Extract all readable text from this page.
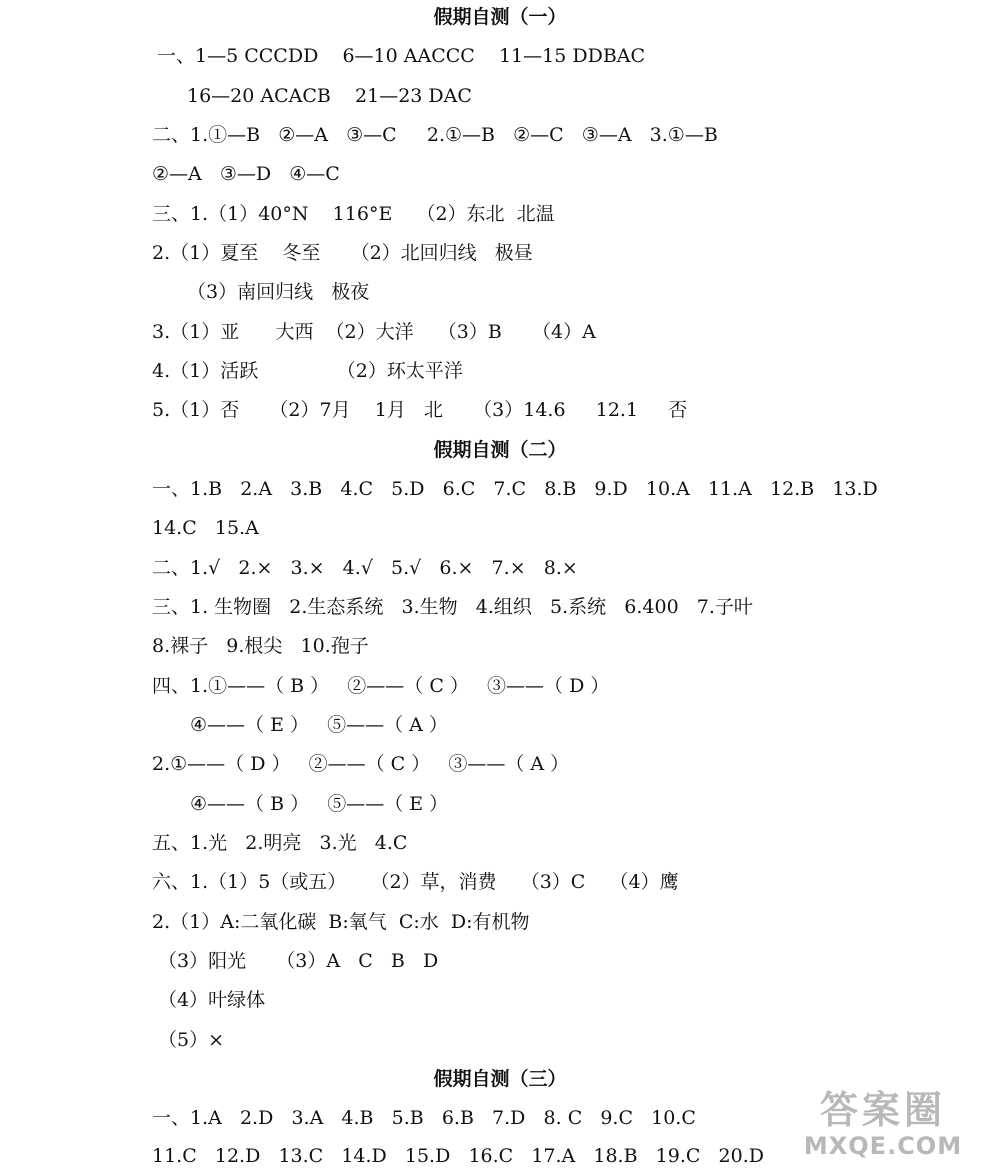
假期自测（一）
一、1—5 CCCDD    6—10 AACCC    11—15 DDBAC
16—20 ACACB    21—23 DAC
二、1.①—B   ②—A   ③—C     2.①—B   ②—C   ③—A   3.①—B
②—A   ③—D   ④—C
三、1.（1）40°N    116°E    （2）东北  北温
2.（1）夏至    冬至     （2）北回归线   极昼
（3）南回归线   极夜
3.（1）亚      大西  （2）大洋    （3）B     （4）A
4.（1）活跃             （2）环太平洋
5.（1）否     （2）7月    1月   北     （3）14.6     12.1     否
假期自测（二）
一、1.B   2.A   3.B   4.C   5.D   6.C   7.C   8.B   9.D   10.A   11.A   12.B   13.D
14.C   15.A
二、1.√   2.×   3.×   4.√   5.√   6.×   7.×   8.×
三、1. 生物圈   2.生态系统   3.生物   4.组织   5.系统   6.400   7.子叶
8.裸子   9.根尖   10.孢子
四、1.①——（ B ）   ②——（ C ）   ③——（ D ）
④——（ E ）   ⑤——（ A ）
2.①——（ D ）   ②——（ C ）   ③——（ A ）
④——（ B ）   ⑤——（ E ）
五、1.光   2.明亮   3.光   4.C
六、1.（1）5（或五）    （2）草，消费    （3）C    （4）鹰
2.（1）A:二氧化碳  B:氧气  C:水  D:有机物
（3）阳光     （3）A   C   B   D
（4）叶绿体
（5）×
假期自测（三）
一、1.A   2.D   3.A   4.B   5.B   6.B   7.D   8. C   9.C   10.C
11.C   12.D   13.C   14.D   15.D   16.C   17.A   18.B   19.C   20.D
答案圈
MXQE.COM
